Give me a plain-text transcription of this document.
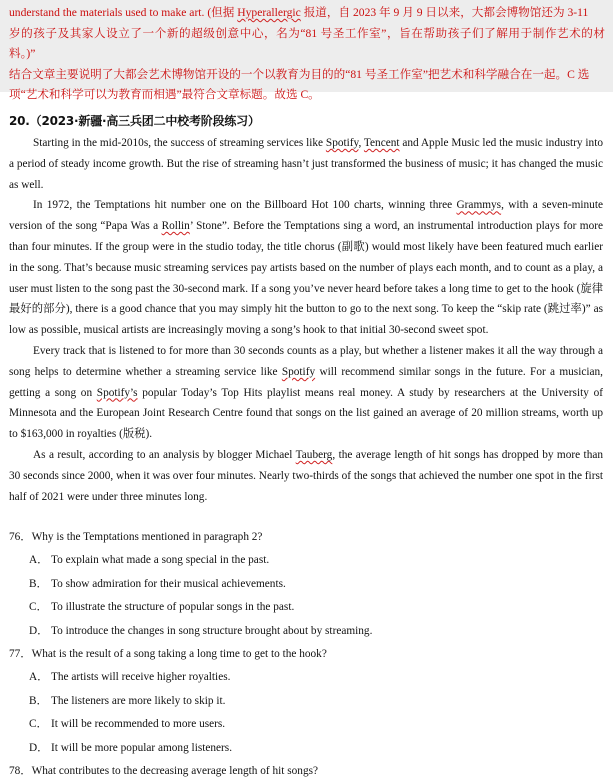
understand the materials used to make art. (但据 Hyperallergic 报道，自 2023 年 9 月 9 日以来，大都会博物馆还为 3-11

岁的孩子及其家人设立了一个新的超级创意中心，名为“81 号圣工作室”，旨在帮助孩子们了解用于制作艺术的材料。)”

结合文章主要说明了大都会艺术博物馆开设的一个以教育为目的的“81 号圣工作室”把艺术和科学融合在一起。C 选

项“艺术和科学可以为教育而相遇”最符合文章标题。故选 C。

20.（2023·新疆·高三兵团二中校考阶段练习）

Starting in the mid-2010s, the success of streaming services like Spotify, Tencent and Apple Music led the music industry into a period of steady income growth. But the rise of streaming hasn’t just transformed the business of music; it has changed the music as well.

In 1972, the Temptations hit number one on the Billboard Hot 100 charts, winning three Grammys, with a seven-minute version of the song “Papa Was a Rollin’ Stone”. Before the Temptations sing a word, an instrumental introduction plays for more than four minutes. If the group were in the studio today, the title chorus (副歌) would most likely have been featured much earlier in the song. That’s because music streaming services pay artists based on the number of plays each month, and to count as a play, a user must listen to the song past the 30-second mark. If a song you’ve never heard before takes a long time to get to the hook (旋律最好的部分), there is a good chance that you may simply hit the button to go to the next song. To keep the “skip rate (跳过率)” as low as possible, musical artists are increasingly moving a song’s hook to that initial 30-second sweet spot.

Every track that is listened to for more than 30 seconds counts as a play, but whether a listener makes it all the way through a song helps to determine whether a streaming service like Spotify will recommend similar songs in the future. For a musician, getting a song on Spotify’s popular Today’s Top Hits playlist means real money. A study by researchers at the University of Minnesota and the European Joint Research Centre found that songs on the list gained an average of 20 million streams, worth up to $163,000 in royalties (版税).

As a result, according to an analysis by blogger Michael Tauberg, the average length of hit songs has dropped by more than 30 seconds since 2000, when it was over four minutes. Nearly two-thirds of the songs that achieved the number one spot in the first half of 2021 were under three minutes long.

76．Why is the Temptations mentioned in paragraph 2?
A． To explain what made a song special in the past.
B． To show admiration for their musical achievements.
C． To illustrate the structure of popular songs in the past.
D． To introduce the changes in song structure brought about by streaming.
77．What is the result of a song taking a long time to get to the hook?
A． The artists will receive higher royalties.
B． The listeners are more likely to skip it.
C． It will be recommended to more users.
D． It will be more popular among listeners.
78．What contributes to the decreasing average length of hit songs?
